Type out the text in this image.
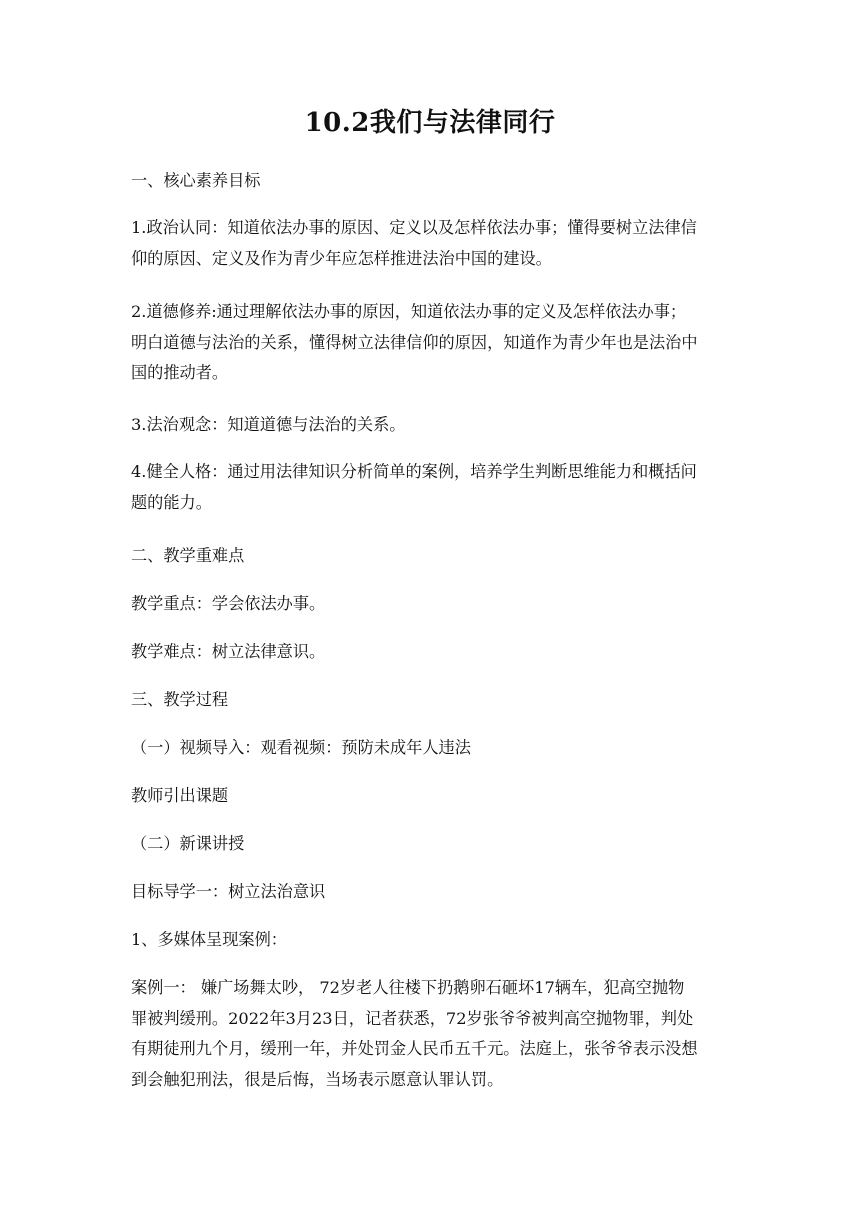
10.2我们与法律同行
一、核心素养目标
1.政治认同：知道依法办事的原因、定义以及怎样依法办事；懂得要树立法律信
仰的原因、定义及作为青少年应怎样推进法治中国的建设。
2.道德修养:通过理解依法办事的原因，知道依法办事的定义及怎样依法办事；
明白道德与法治的关系，懂得树立法律信仰的原因，知道作为青少年也是法治中
国的推动者。
3.法治观念：知道道德与法治的关系。
4.健全人格：通过用法律知识分析简单的案例，培养学生判断思维能力和概括问
题的能力。
二、教学重难点
教学重点：学会依法办事。
教学难点：树立法律意识。
三、教学过程
（一）视频导入：观看视频：预防未成年人违法
教师引出课题
（二）新课讲授
目标导学一：树立法治意识
1、多媒体呈现案例：
案例一： 嫌广场舞太吵， 72岁老人往楼下扔鹅卵石砸坏17辆车，犯高空抛物
罪被判缓刑。2022年3月23日，记者获悉，72岁张爷爷被判高空抛物罪，判处
有期徒刑九个月，缓刑一年，并处罚金人民币五千元。法庭上，张爷爷表示没想
到会触犯刑法，很是后悔，当场表示愿意认罪认罚。
